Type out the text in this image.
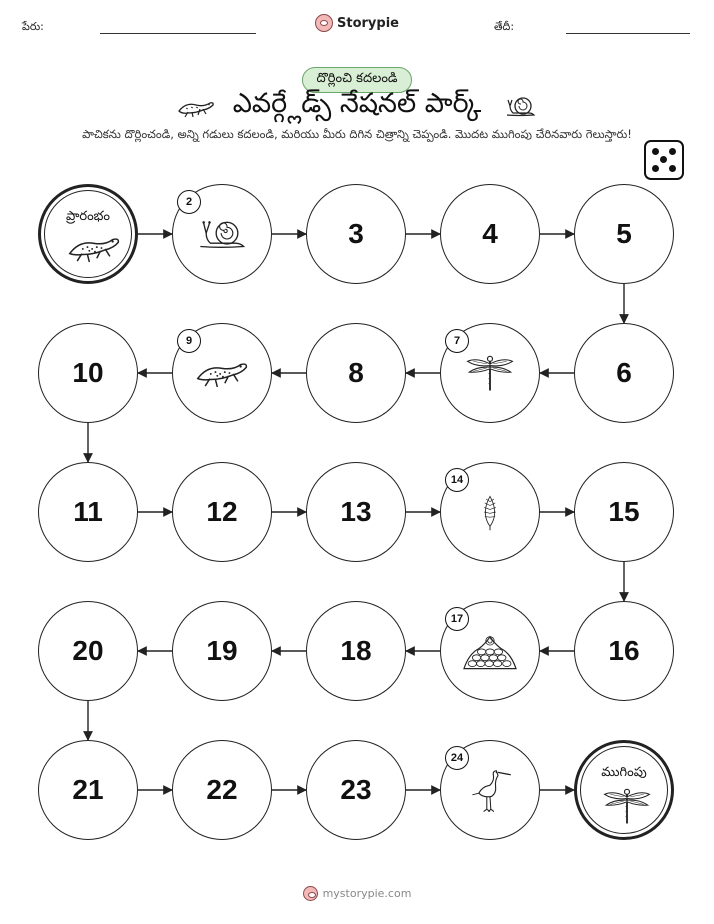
పేరు:	Storypie	తేదీ:
దొర్లించి కదలండి
ఎవర్గ్లేడ్స్ నేషనల్ పార్క్
పాచికను దొర్లించండి, అన్ని గడులు కదలండి, మరియు మీరు దిగిన చిత్రాన్ని చెప్పండి. మొదట ముగింపు చేరినవారు గెలుస్తారు!
ప్రారంభం
2
3	4	5
6
7
8
9
10
11	12	13
14
15
16
17
18
19
20
21	22	23
24
ముగింపు
mystorypie.com
